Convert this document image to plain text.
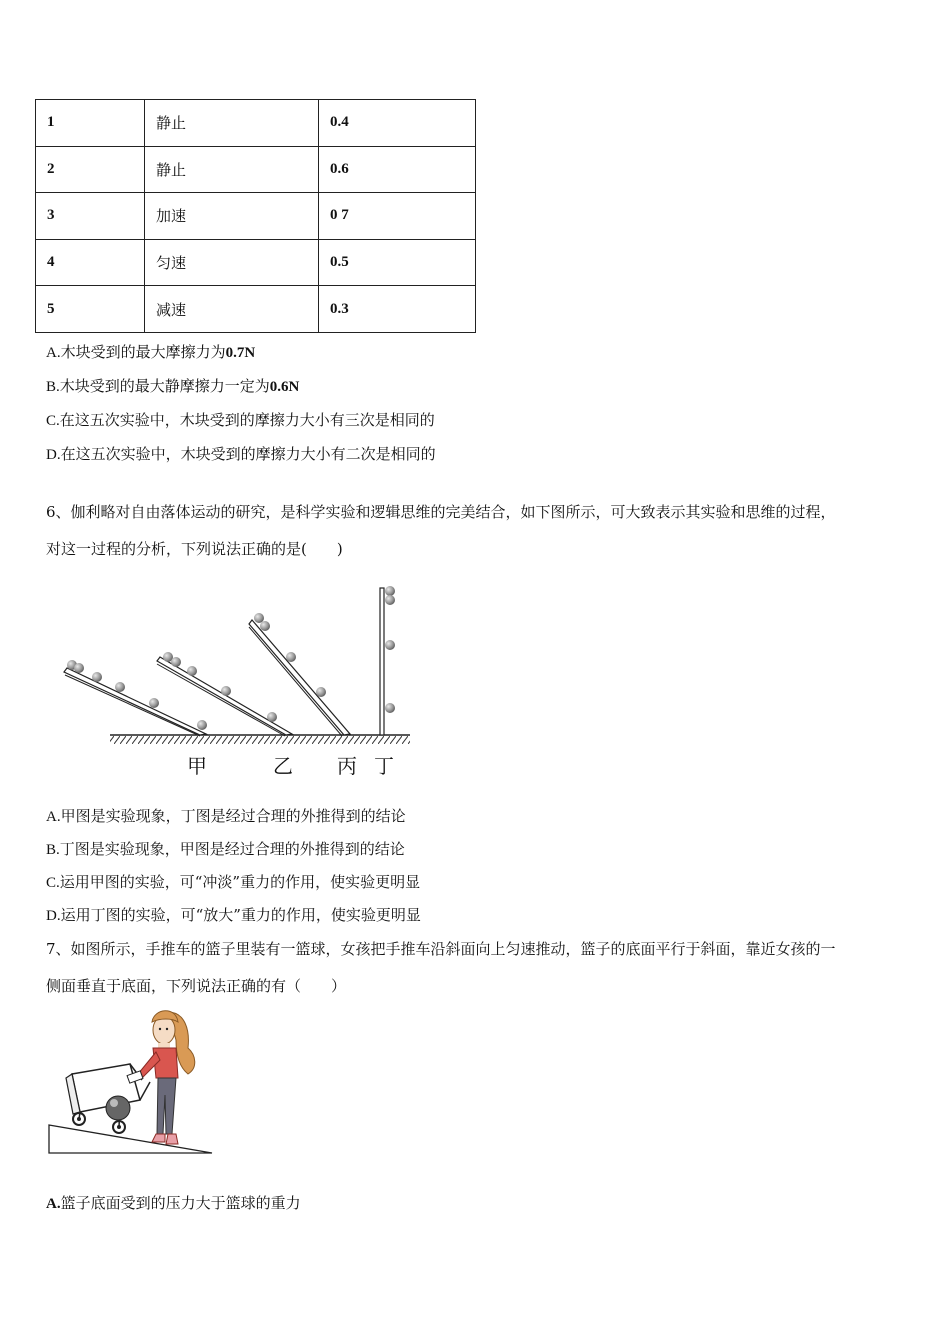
1	静止	0.4
2	静止	0.6
3	加速	0 7
4	匀速	0.5
5	减速	0.3
A.木块受到的最大摩擦力为0.7N
B.木块受到的最大静摩擦力一定为0.6N
C.在这五次实验中，木块受到的摩擦力大小有三次是相同的
D.在这五次实验中，木块受到的摩擦力大小有二次是相同的
6、伽利略对自由落体运动的研究，是科学实验和逻辑思维的完美结合，如下图所示，可大致表示其实验和思维的过程，
对这一过程的分析，下列说法正确的是(　　)
甲	乙 丙 丁
A.甲图是实验现象，丁图是经过合理的外推得到的结论
B.丁图是实验现象，甲图是经过合理的外推得到的结论
C.运用甲图的实验，可“冲淡”重力的作用，使实验更明显
D.运用丁图的实验，可“放大”重力的作用，使实验更明显
7、如图所示，手推车的篮子里装有一篮球，女孩把手推车沿斜面向上匀速推动，篮子的底面平行于斜面，靠近女孩的一
侧面垂直于底面，下列说法正确的有（　　）
A.篮子底面受到的压力大于篮球的重力
